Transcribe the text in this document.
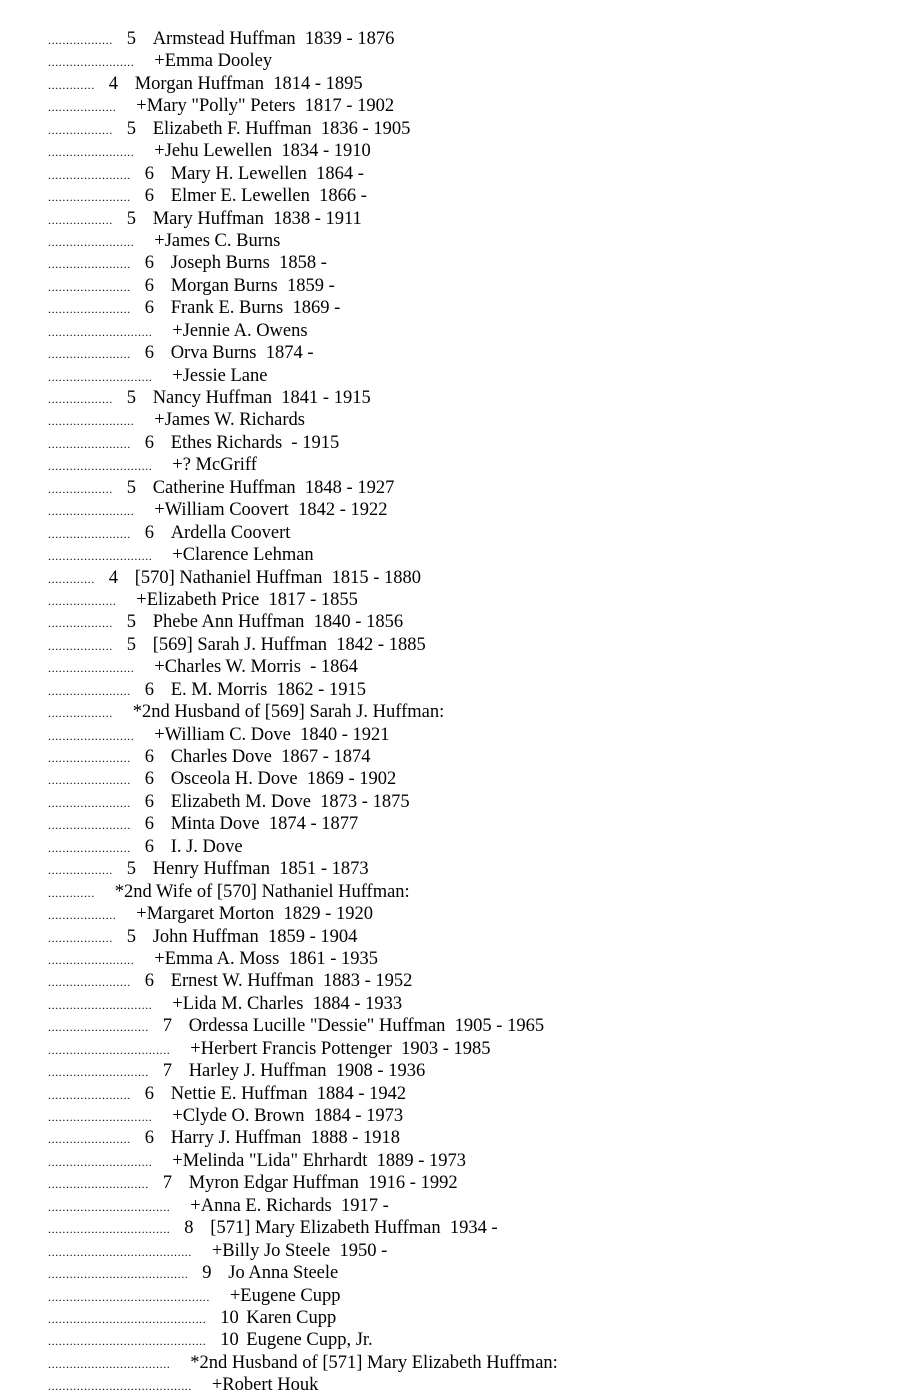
.................. 5 Armstead Huffman  1839 - 1876
........................ +Emma Dooley
............. 4 Morgan Huffman  1814 - 1895
................... +Mary "Polly" Peters  1817 - 1902
.................. 5 Elizabeth F. Huffman  1836 - 1905
........................ +Jehu Lewellen  1834 - 1910
....................... 6 Mary H. Lewellen  1864 -
....................... 6 Elmer E. Lewellen  1866 -
.................. 5 Mary Huffman  1838 - 1911
........................ +James C. Burns
....................... 6 Joseph Burns  1858 -
....................... 6 Morgan Burns  1859 -
....................... 6 Frank E. Burns  1869 -
............................. +Jennie A. Owens
....................... 6 Orva Burns  1874 -
............................. +Jessie Lane
.................. 5 Nancy Huffman  1841 - 1915
........................ +James W. Richards
....................... 6 Ethes Richards  - 1915
............................. +? McGriff
.................. 5 Catherine Huffman  1848 - 1927
........................ +William Coovert  1842 - 1922
....................... 6 Ardella Coovert
............................. +Clarence Lehman
............. 4 [570] Nathaniel Huffman  1815 - 1880
................... +Elizabeth Price  1817 - 1855
.................. 5 Phebe Ann Huffman  1840 - 1856
.................. 5 [569] Sarah J. Huffman  1842 - 1885
........................ +Charles W. Morris  - 1864
....................... 6 E. M. Morris  1862 - 1915
.................. *2nd Husband of [569] Sarah J. Huffman:
........................ +William C. Dove  1840 - 1921
....................... 6 Charles Dove  1867 - 1874
....................... 6 Osceola H. Dove  1869 - 1902
....................... 6 Elizabeth M. Dove  1873 - 1875
....................... 6 Minta Dove  1874 - 1877
....................... 6 I. J. Dove
.................. 5 Henry Huffman  1851 - 1873
............. *2nd Wife of [570] Nathaniel Huffman:
................... +Margaret Morton  1829 - 1920
.................. 5 John Huffman  1859 - 1904
........................ +Emma A. Moss  1861 - 1935
....................... 6 Ernest W. Huffman  1883 - 1952
............................. +Lida M. Charles  1884 - 1933
............................ 7 Ordessa Lucille "Dessie" Huffman  1905 - 1965
.................................. +Herbert Francis Pottenger  1903 - 1985
............................ 7 Harley J. Huffman  1908 - 1936
....................... 6 Nettie E. Huffman  1884 - 1942
............................. +Clyde O. Brown  1884 - 1973
....................... 6 Harry J. Huffman  1888 - 1918
............................. +Melinda "Lida" Ehrhardt  1889 - 1973
............................ 7 Myron Edgar Huffman  1916 - 1992
.................................. +Anna E. Richards  1917 -
.................................. 8 [571] Mary Elizabeth Huffman  1934 -
........................................ +Billy Jo Steele  1950 -
....................................... 9 Jo Anna Steele
............................................. +Eugene Cupp
............................................ 10 Karen Cupp
............................................ 10 Eugene Cupp, Jr.
.................................. *2nd Husband of [571] Mary Elizabeth Huffman:
........................................ +Robert Houk
